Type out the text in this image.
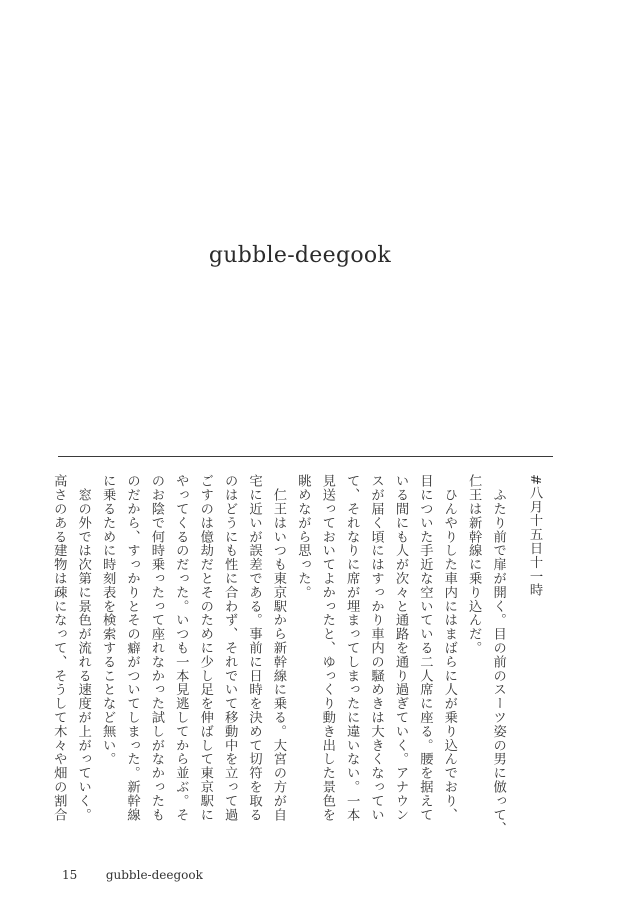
gubble-deegook
#八月十五日十一時
　ふたり前で扉が開く。目の前のスーツ姿の男に倣って、
仁王は新幹線に乗り込んだ。
　ひんやりした車内にはまばらに人が乗り込んでおり、
目についた手近な空いている二人席に座る。腰を据えて
いる間にも人が次々と通路を通り過ぎていく。アナウン
スが届く頃にはすっかり車内の騒めきは大きくなってい
て、それなりに席が埋まってしまったに違いない。一本
見送っておいてよかったと、ゆっくり動き出した景色を
眺めながら思った。
　仁王はいつも東京駅から新幹線に乗る。大宮の方が自
宅に近いが誤差である。事前に日時を決めて切符を取る
のはどうにも性に合わず、それでいて移動中を立って過
ごすのは億劫だとそのために少し足を伸ばして東京駅に
やってくるのだった。いつも一本見逃してから並ぶ。そ
のお陰で何時乗ったって座れなかった試しがなかったも
のだから、すっかりとその癖がついてしまった。新幹線
に乗るために時刻表を検索することなど無い。
　窓の外では次第に景色が流れる速度が上がっていく。
高さのある建物は疎になって、そうして木々や畑の割合
15 gubble-deegook
